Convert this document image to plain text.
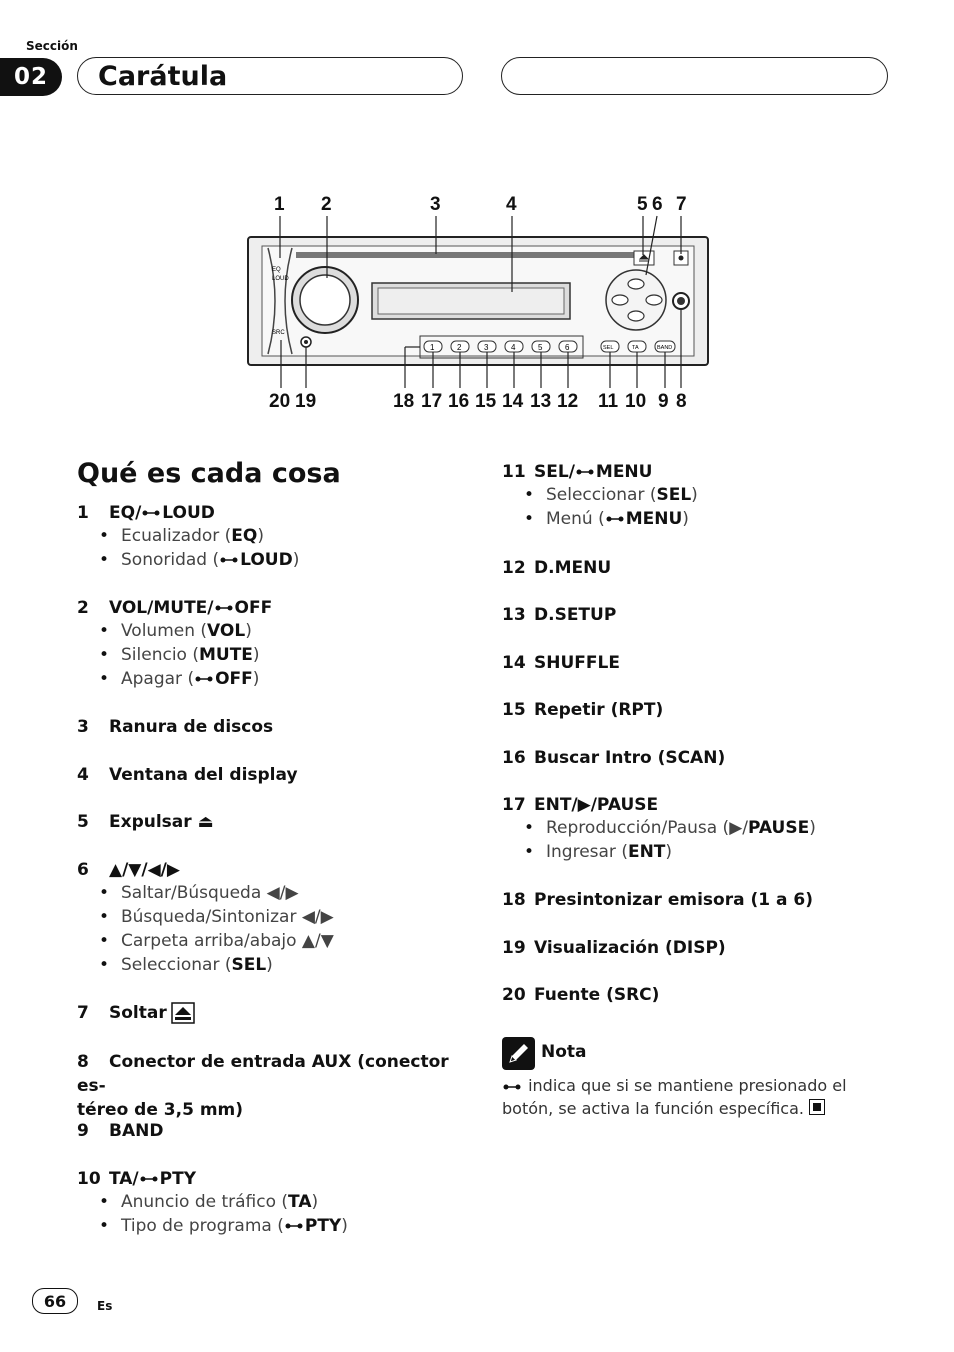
Sección
02	Carátula
EQ
LOUD
SRC
1	2	3	4	5	6	SEL	TA	BAND
1 2	3	4	5 6 7
20 19	18 17 16 15 14 13 12 11 10 9 8
Qué es cada cosa
1	EQ/ LOUD
• Ecualizador (EQ)
• Sonoridad ( LOUD)
2	VOL/MUTE/ OFF
• Volumen (VOL)
• Silencio (MUTE)
• Apagar ( OFF)
3	Ranura de discos
4	Ventana del display
5	Expulsar ⏏
6	▲/▼/◀/▶
• Saltar/Búsqueda ◀/▶
• Búsqueda/Sintonizar ◀/▶
• Carpeta arriba/abajo ▲/▼
• Seleccionar (SEL)
7	Soltar
8 Conector de entrada AUX (conector es-
téreo de 3,5 mm)
9	BAND
10 TA/ PTY
• Anuncio de tráfico (TA)
• Tipo de programa ( PTY)
11 SEL/ MENU
• Seleccionar (SEL)
• Menú ( MENU)
12 D.MENU
13 D.SETUP
14 SHUFFLE
15 Repetir (RPT)
16 Buscar Intro (SCAN)
17 ENT/▶/PAUSE
• Reproducción/Pausa (▶/PAUSE)
• Ingresar (ENT)
18 Presintonizar emisora (1 a 6)
19 Visualización (DISP)
20 Fuente (SRC)
Nota
indica que si se mantiene presionado el botón, se activa la función específica.
66	Es
